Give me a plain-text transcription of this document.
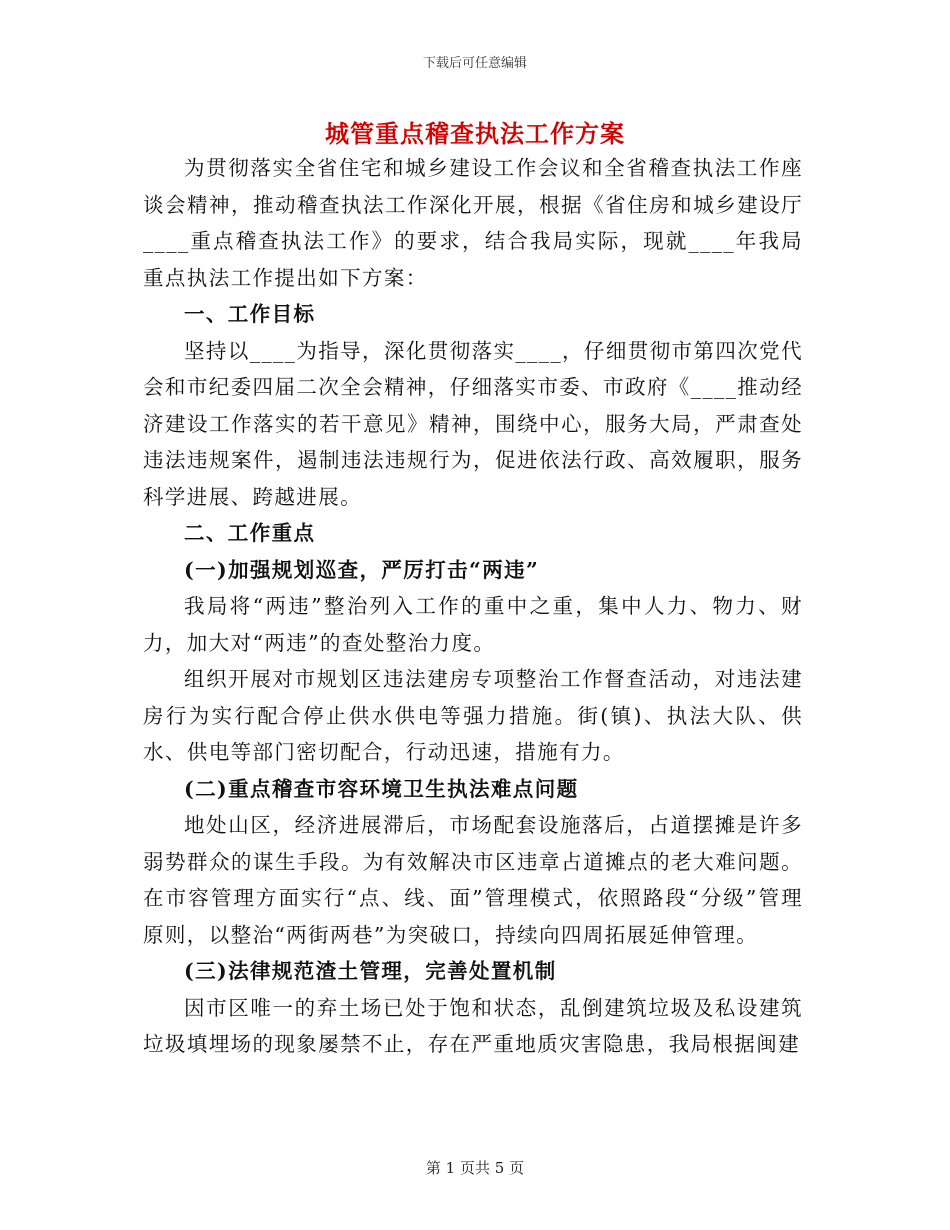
下载后可任意编辑
城管重点稽查执法工作方案

为贯彻落实全省住宅和城乡建设工作会议和全省稽查执法工作座谈会精神，推动稽查执法工作深化开展，根据《省住房和城乡建设厅____重点稽查执法工作》的要求，结合我局实际，现就____年我局重点执法工作提出如下方案：

一、工作目标

坚持以____为指导，深化贯彻落实____，仔细贯彻市第四次党代会和市纪委四届二次全会精神，仔细落实市委、市政府《____推动经济建设工作落实的若干意见》精神，围绕中心，服务大局，严肃查处违法违规案件，遏制违法违规行为，促进依法行政、高效履职，服务科学进展、跨越进展。

二、工作重点

(一)加强规划巡查，严厉打击“两违”

我局将“两违”整治列入工作的重中之重，集中人力、物力、财力，加大对“两违”的查处整治力度。

组织开展对市规划区违法建房专项整治工作督查活动，对违法建房行为实行配合停止供水供电等强力措施。街(镇)、执法大队、供水、供电等部门密切配合，行动迅速，措施有力。

(二)重点稽查市容环境卫生执法难点问题

地处山区，经济进展滞后，市场配套设施落后，占道摆摊是许多弱势群众的谋生手段。为有效解决市区违章占道摊点的老大难问题。在市容管理方面实行“点、线、面”管理模式，依照路段“分级”管理原则，以整治“两街两巷”为突破口，持续向四周拓展延伸管理。

(三)法律规范渣土管理，完善处置机制

因市区唯一的弃土场已处于饱和状态，乱倒建筑垃圾及私设建筑垃圾填埋场的现象屡禁不止，存在严重地质灾害隐患，我局根据闽建

第 1 页共 5 页
